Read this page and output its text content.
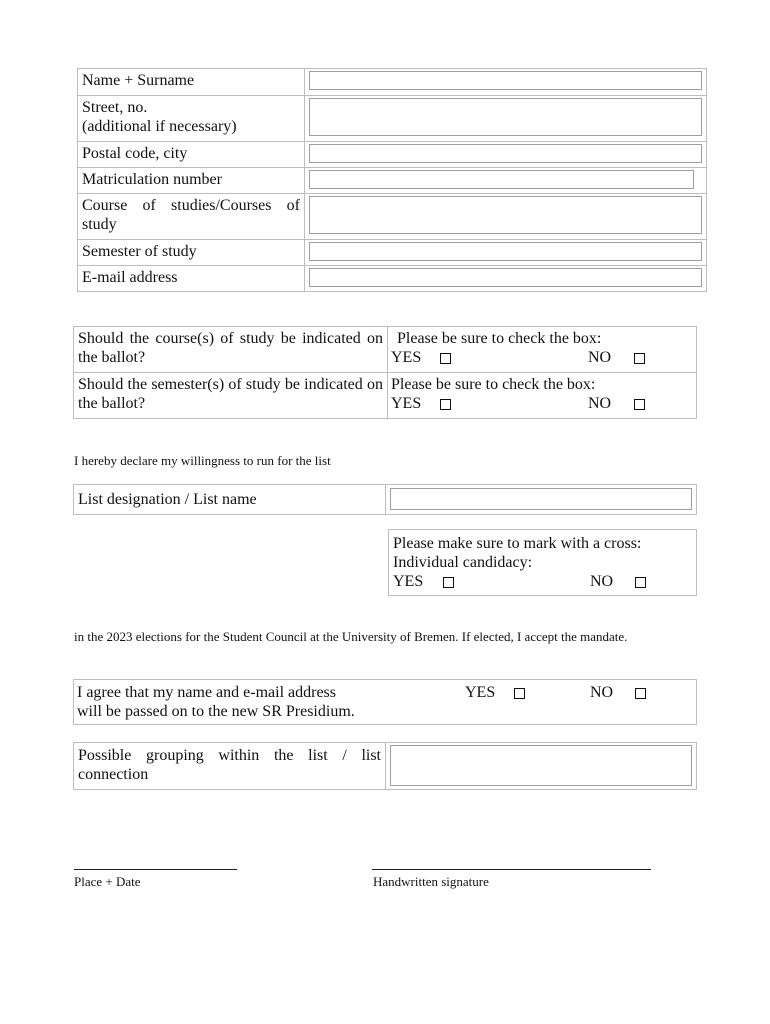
Name + Surname	

Street, no.
(additional if necessary)	

Postal code, city	

Matriculation number	

Course of studies/Courses of study	

Semester of study	

E-mail address	
Should the course(s) of study be indicated on the ballot?	Please be sure to check the box:
YES NO

Should the semester(s) of study be indicated on the ballot?	Please be sure to check the box:
YES NO
I hereby declare my willingness to run for the list
List designation / List name	
Please make sure to mark with a cross:
Individual candidacy:
YES	NO
in the 2023 elections for the Student Council at the University of Bremen. If elected, I accept the mandate.
I agree that my name and e-mail address
will be passed on to the new SR Presidium.
YES	NO
Possible grouping within the list / list connection	
Place + Date	Handwritten signature
